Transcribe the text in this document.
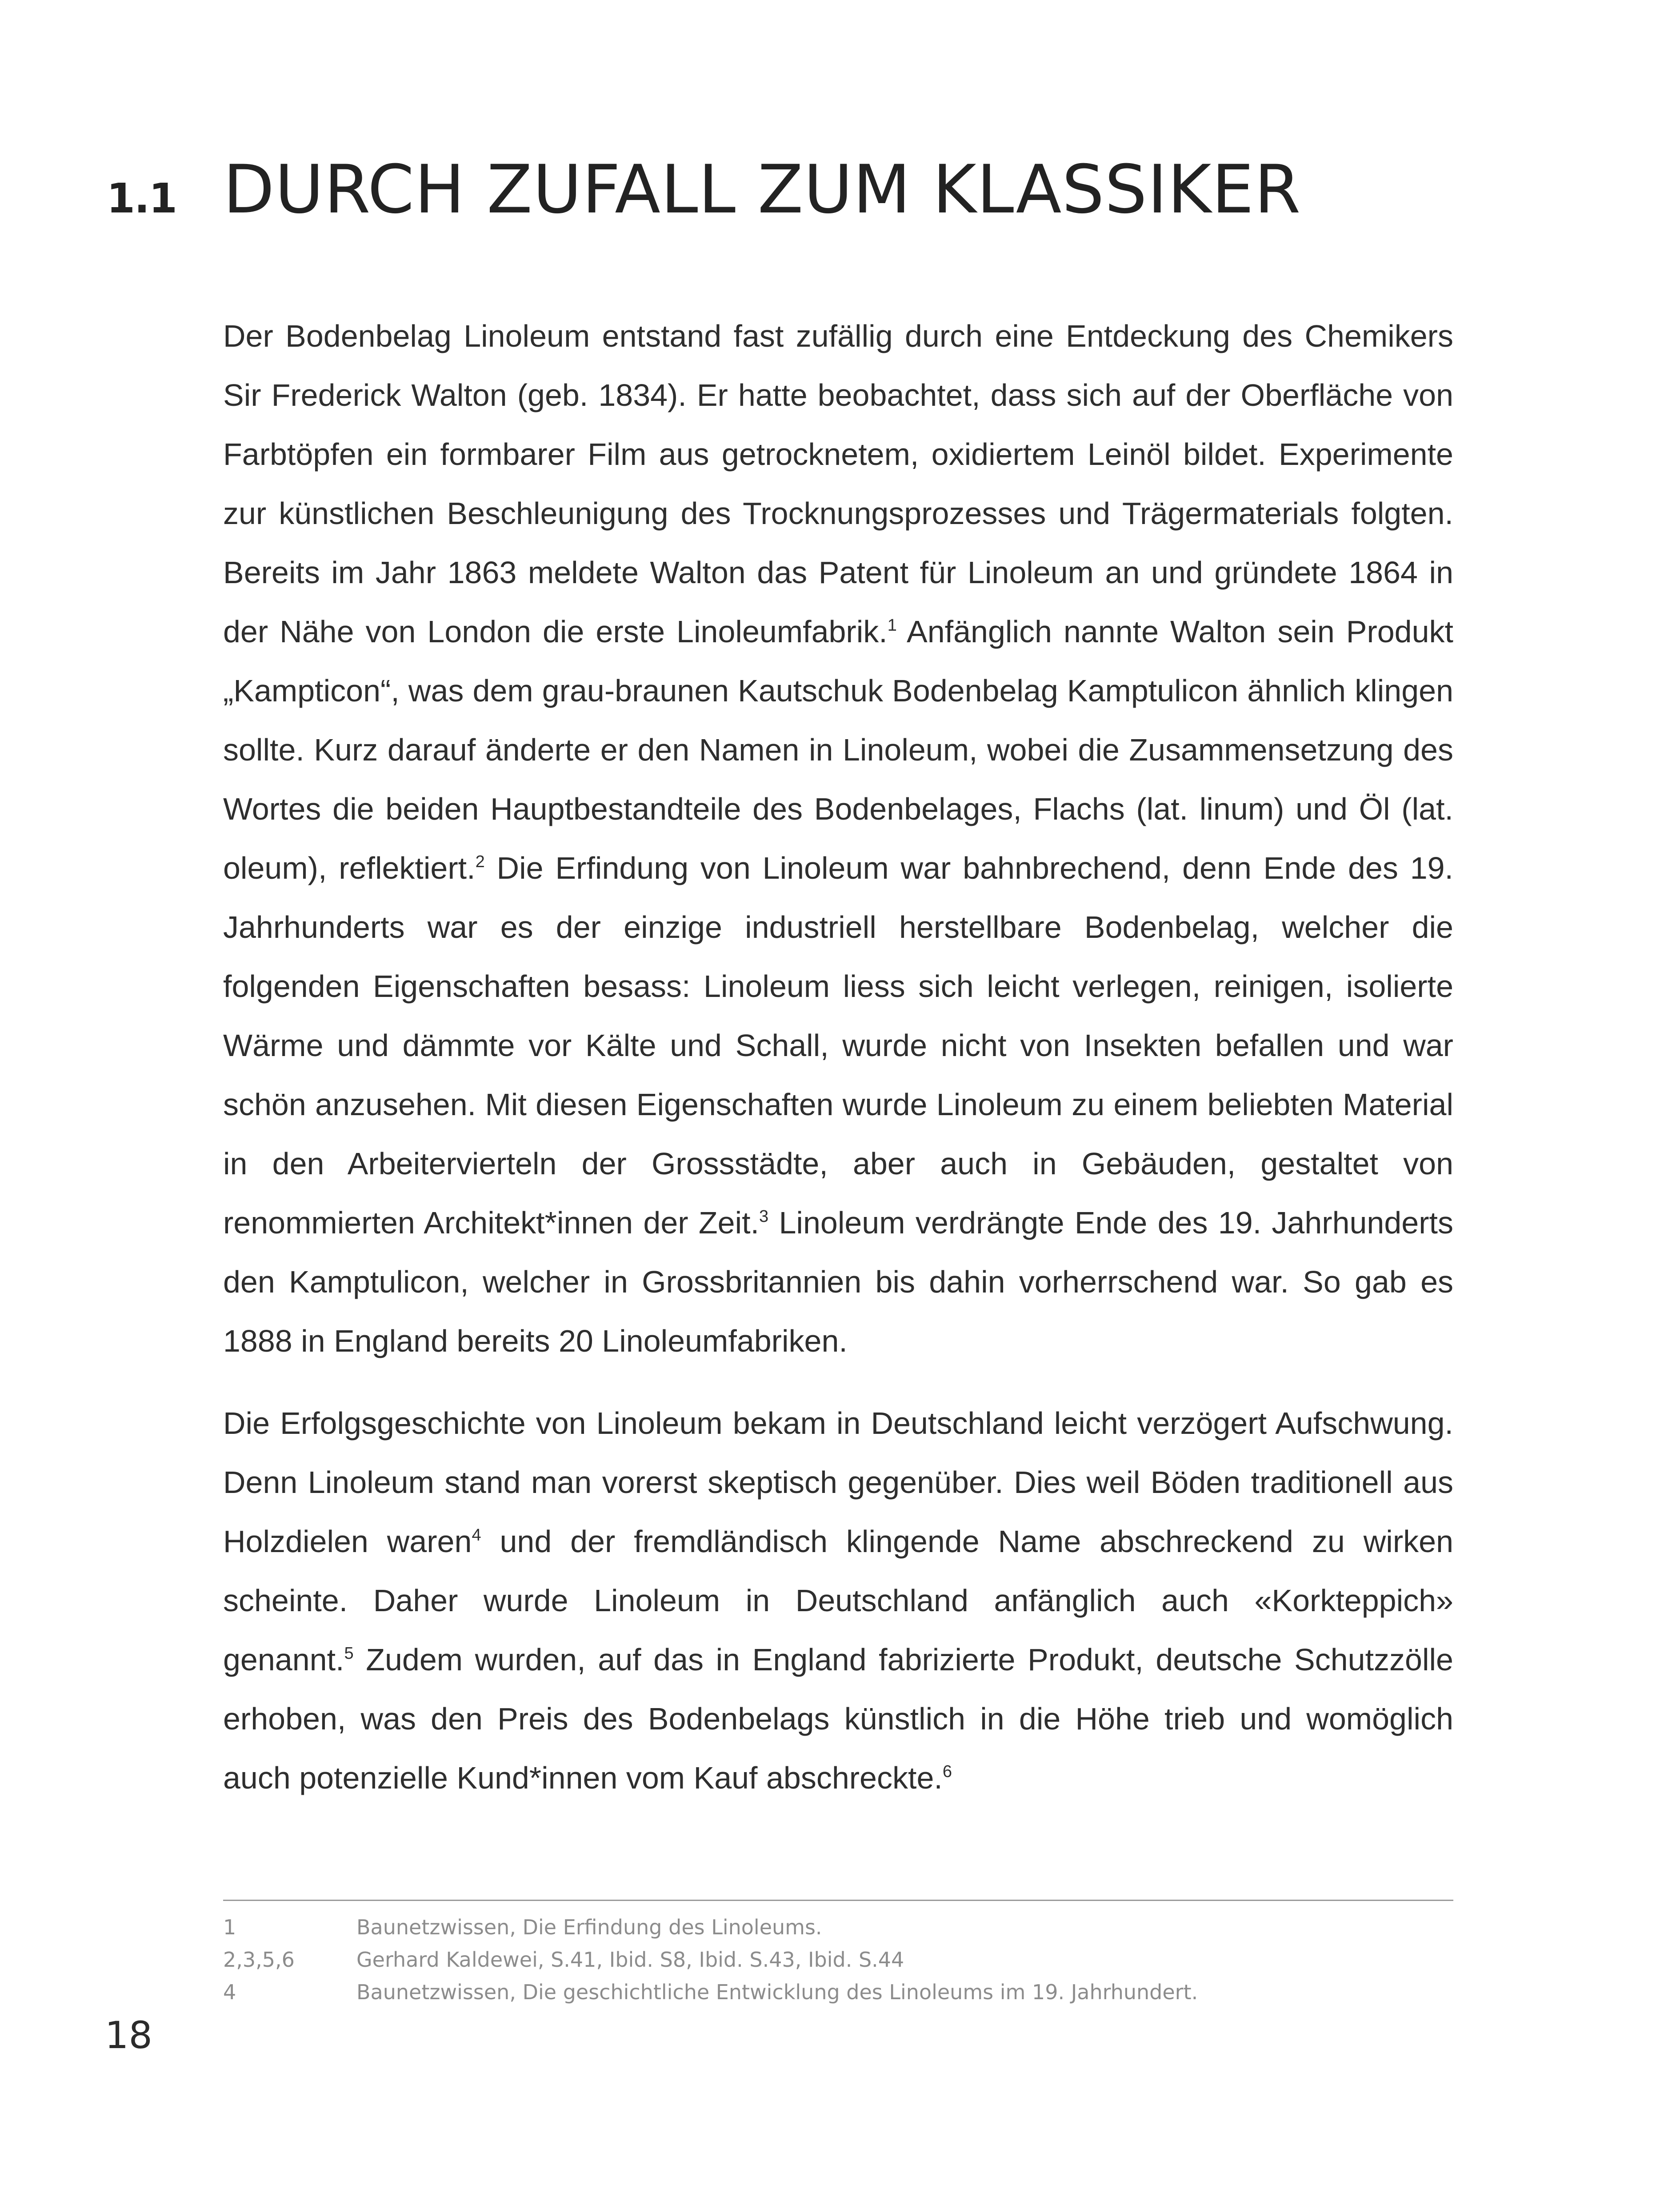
1.1 DURCH ZUFALL ZUM KLASSIKER

Der Bodenbelag Linoleum entstand fast zufällig durch eine Entdeckung des Chemikers Sir Frederick Walton (geb. 1834). Er hatte beobachtet, dass sich auf der Oberfläche von Farbtöpfen ein formbarer Film aus getrocknetem, oxidiertem Leinöl bildet. Experimente zur künstlichen Beschleunigung des Trocknungsprozesses und Trägermaterials folgten. Bereits im Jahr 1863 meldete Walton das Patent für Linoleum an und gründete 1864 in der Nähe von London die erste Linoleumfabrik.$^1$ Anfänglich nannte Walton sein Produkt „Kampticon“, was dem grau-braunen Kautschuk Bodenbelag Kamptulicon ähnlich klingen sollte. Kurz darauf änderte er den Namen in Linoleum, wobei die Zusammensetzung des Wortes die beiden Hauptbestandteile des Bodenbelages, Flachs (lat. linum) und Öl (lat. oleum), reflektiert.$^2$ Die Erfindung von Linoleum war bahnbrechend, denn Ende des 19. Jahrhunderts war es der einzige industriell herstellbare Bodenbelag, welcher die folgenden Eigenschaften besass: Linoleum liess sich leicht verlegen, reinigen, isolierte Wärme und dämmte vor Kälte und Schall, wurde nicht von Insekten befallen und war schön anzusehen. Mit diesen Eigenschaften wurde Linoleum zu einem beliebten Material in den Arbeitervierteln der Grossstädte, aber auch in Gebäuden, gestaltet von renommierten Architekt*innen der Zeit.$^3$ Linoleum verdrängte Ende des 19. Jahrhunderts den Kamptulicon, welcher in Grossbritannien bis dahin vorherrschend war. So gab es 1888 in England bereits 20 Linoleumfabriken.

Die Erfolgsgeschichte von Linoleum bekam in Deutschland leicht verzögert Aufschwung. Denn Linoleum stand man vorerst skeptisch gegenüber. Dies weil Böden traditionell aus Holzdielen waren$^4$ und der fremdländisch klingende Name abschreckend zu wirken scheinte. Daher wurde Linoleum in Deutschland anfänglich auch «Korkteppich» genannt.$^5$ Zudem wurden, auf das in England fabrizierte Produkt, deutsche Schutzzölle erhoben, was den Preis des Bodenbelags künstlich in die Höhe trieb und womöglich auch potenzielle Kund*innen vom Kauf abschreckte.$^6$

1	Baunetzwissen, Die Erfindung des Linoleums.
2,3,5,6	Gerhard Kaldewei, S.41, Ibid. S8, Ibid. S.43, Ibid. S.44
4	Baunetzwissen, Die geschichtliche Entwicklung des Linoleums im 19. Jahrhundert.
18
